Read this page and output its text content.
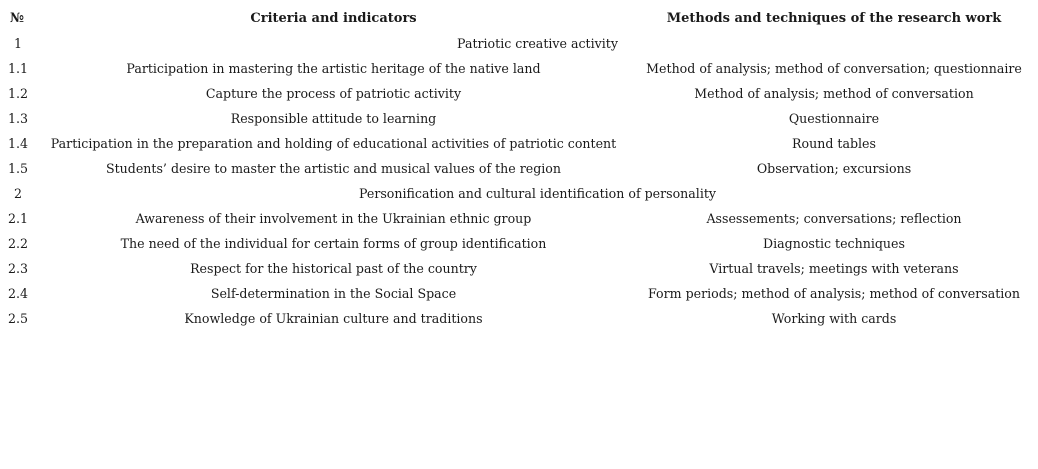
№	Criteria and indicators	Methods and techniques of the research work
1	Patriotic creative activity	
1.1	Participation in mastering the artistic heritage of the native land	Method of analysis; method of conversation; questionnaire
1.2	Capture the process of patriotic activity	Method of analysis; method of conversation
1.3	Responsible attitude to learning	Questionnaire
1.4	Participation in the preparation and holding of educational activities of patriotic content	Round tables
1.5	Students’ desire to master the artistic and musical values of the region	Observation; excursions
2	Personification and cultural identification of personality	
2.1	Awareness of their involvement in the Ukrainian ethnic group	Assessements; conversations; reflection
2.2	The need of the individual for certain forms of group identification	Diagnostic techniques
2.3	Respect for the historical past of the country	Virtual travels; meetings with veterans
2.4	Self-determination in the Social Space	Form periods; method of analysis; method of conversation
2.5	Knowledge of Ukrainian culture and traditions	Working with cards
